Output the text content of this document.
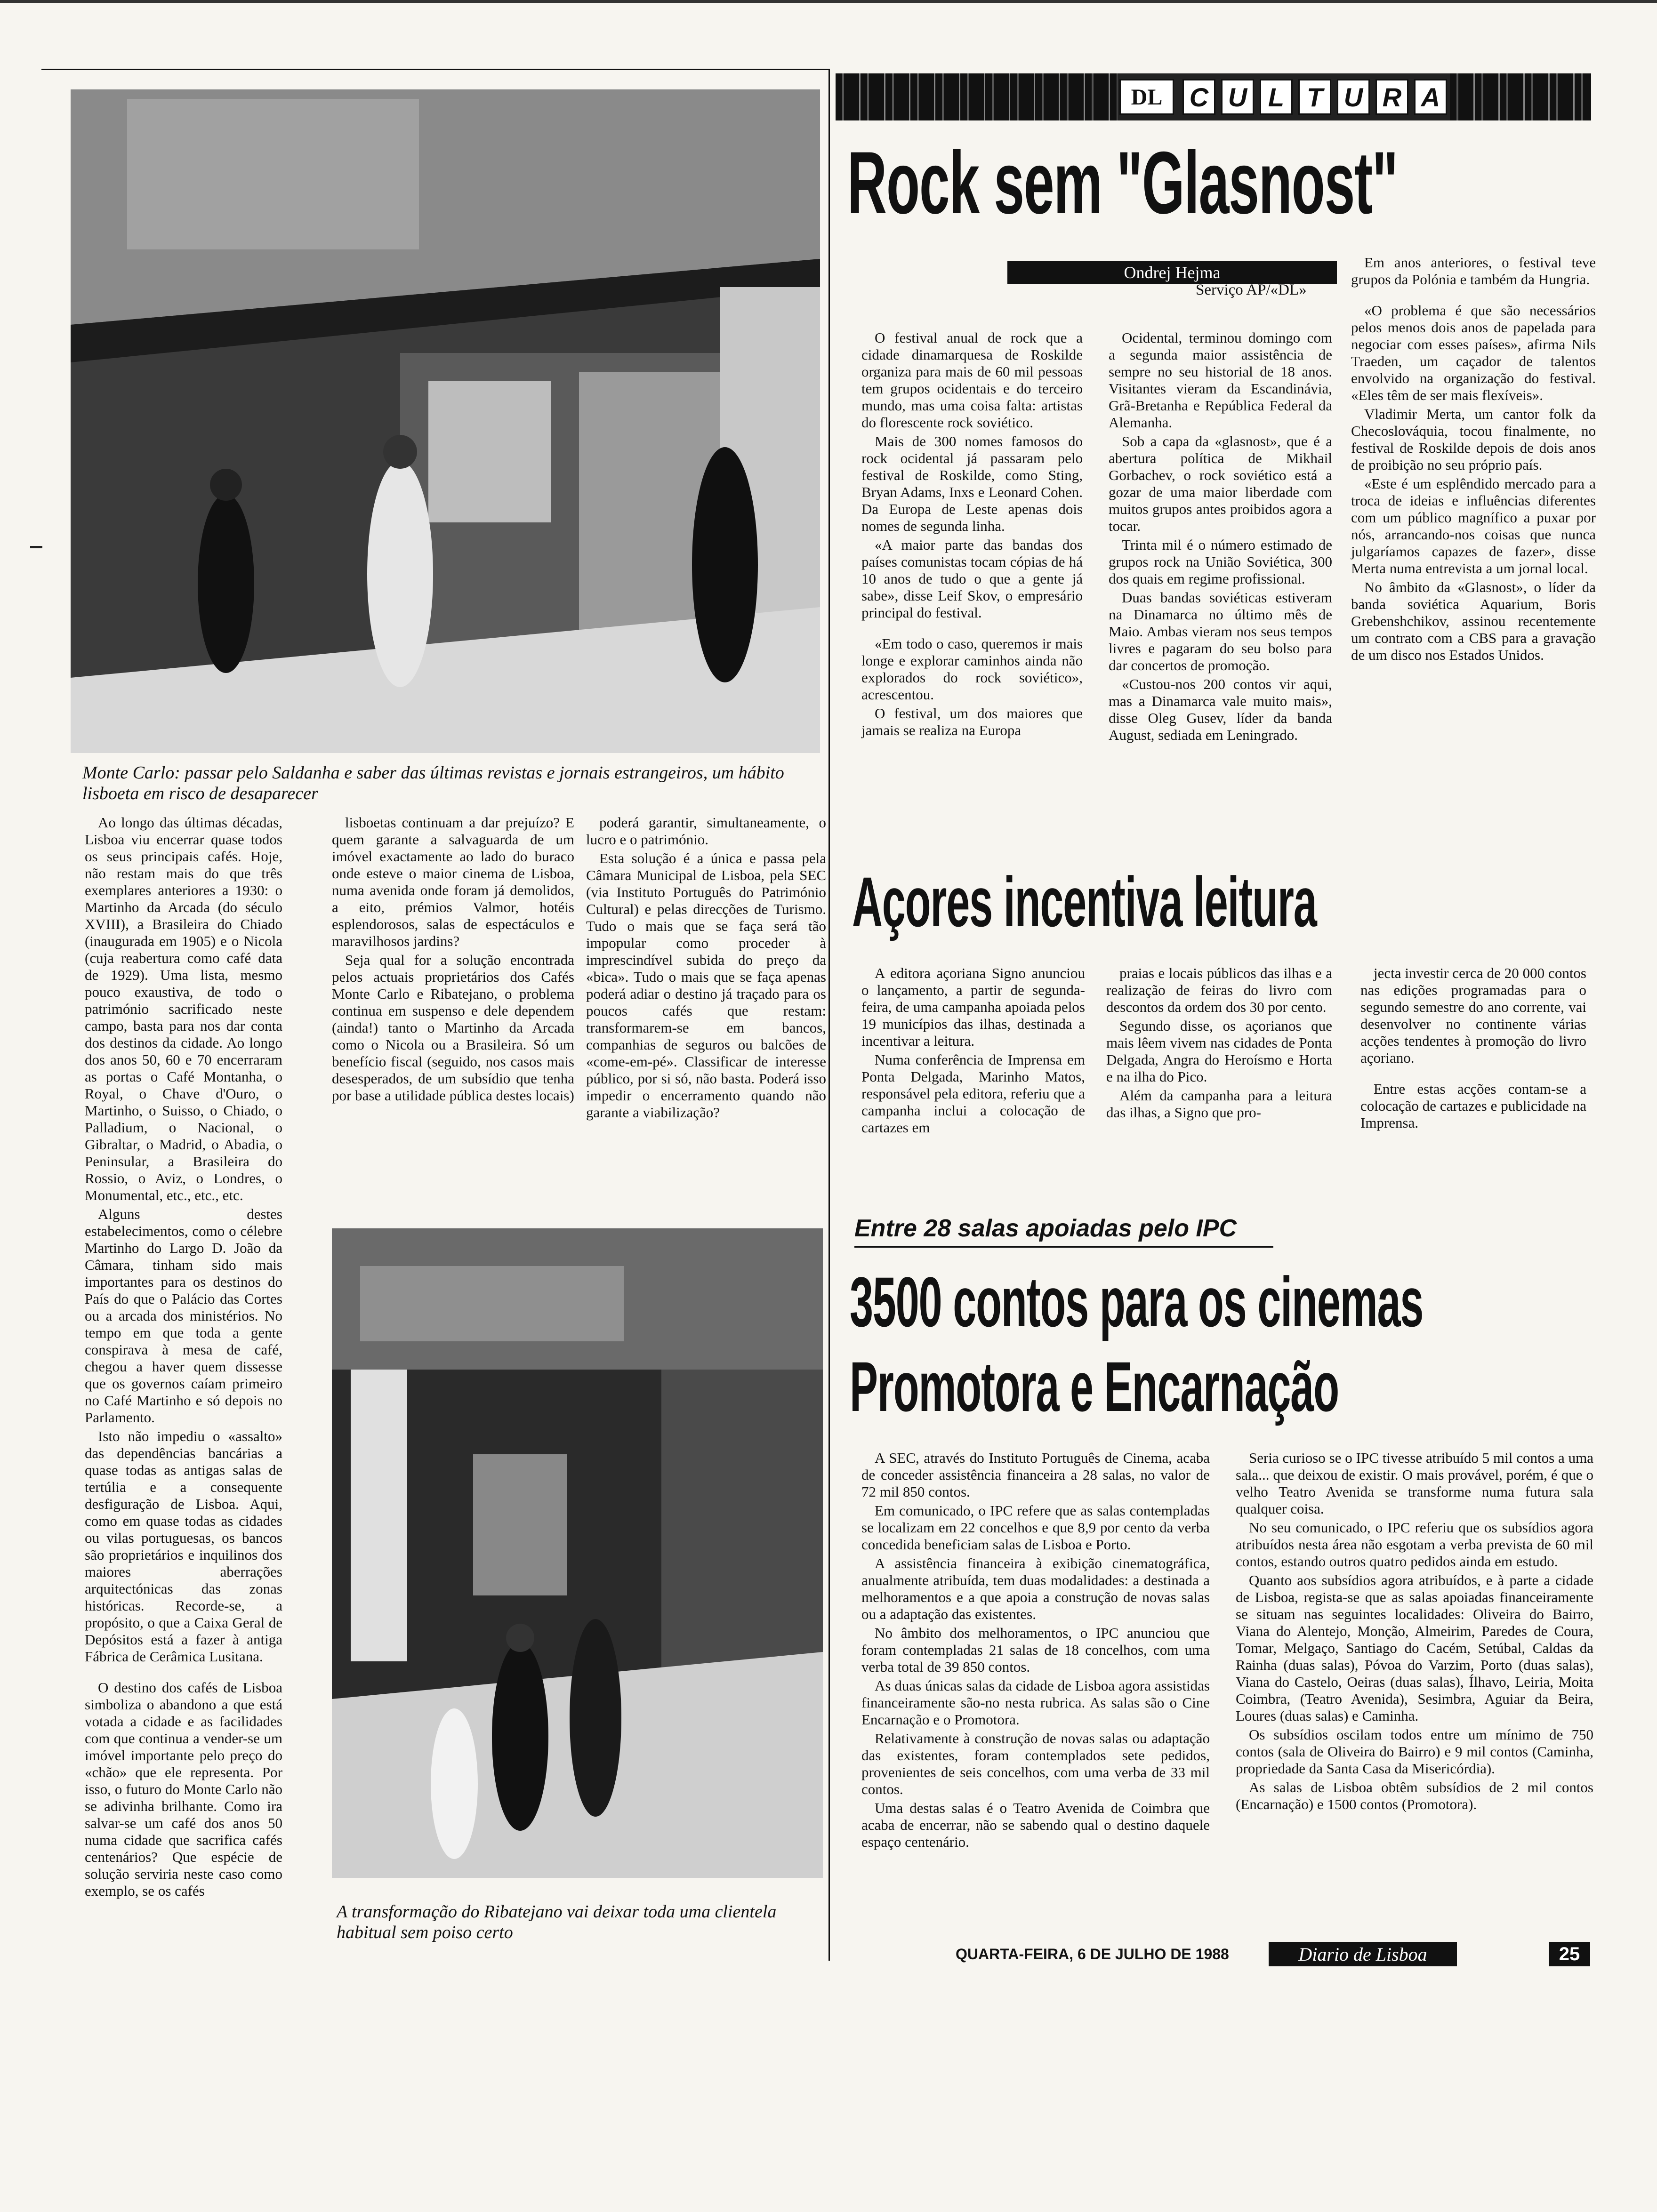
Monte Carlo: passar pelo Saldanha e saber das últimas revistas e jornais estrangeiros, um hábito lisboeta em risco de desaparecer

Ao longo das últimas décadas, Lisboa viu encerrar quase todos os seus principais cafés. Hoje, não restam mais do que três exemplares anteriores a 1930: o Martinho da Arcada (do século XVIII), a Brasileira do Chiado (inaugurada em 1905) e o Nicola (cuja reabertura como café data de 1929). Uma lista, mesmo pouco exaustiva, de todo o património sacrificado neste campo, basta para nos dar conta dos destinos da cidade. Ao longo dos anos 50, 60 e 70 encerraram as portas o Café Montanha, o Royal, o Chave d'Ouro, o Martinho, o Suisso, o Chiado, o Palladium, o Nacional, o Gibraltar, o Madrid, o Abadia, o Peninsular, a Brasileira do Rossio, o Aviz, o Londres, o Monumental, etc., etc., etc.

Alguns destes estabelecimentos, como o célebre Martinho do Largo D. João da Câmara, tinham sido mais importantes para os destinos do País do que o Palácio das Cortes ou a arcada dos ministérios. No tempo em que toda a gente conspirava à mesa de café, chegou a haver quem dissesse que os governos caíam primeiro no Café Martinho e só depois no Parlamento.

Isto não impediu o «assalto» das dependências bancárias a quase todas as antigas salas de tertúlia e a consequente desfiguração de Lisboa. Aqui, como em quase todas as cidades ou vilas portuguesas, os bancos são proprietários e inquilinos dos maiores aberrações arquitectónicas das zonas históricas. Recorde-se, a propósito, o que a Caixa Geral de Depósitos está a fazer à antiga Fábrica de Cerâmica Lusitana.

O destino dos cafés de Lisboa simboliza o abandono a que está votada a cidade e as facilidades com que continua a vender-se um imóvel importante pelo preço do «chão» que ele representa. Por isso, o futuro do Monte Carlo não se adivinha brilhante. Como ira salvar-se um café dos anos 50 numa cidade que sacrifica cafés centenários? Que espécie de solução serviria neste caso como exemplo, se os cafés

lisboetas continuam a dar prejuízo? E quem garante a salvaguarda de um imóvel exactamente ao lado do buraco onde esteve o maior cinema de Lisboa, numa avenida onde foram já demolidos, a eito, prémios Valmor, hotéis esplendorosos, salas de espectáculos e maravilhosos jardins?

Seja qual for a solução encontrada pelos actuais proprietários dos Cafés Monte Carlo e Ribatejano, o problema continua em suspenso e dele dependem (ainda!) tanto o Martinho da Arcada como o Nicola ou a Brasileira. Só um benefício fiscal (seguido, nos casos mais desesperados, de um subsídio que tenha por base a utilidade pública destes locais)

poderá garantir, simultaneamente, o lucro e o património.

Esta solução é a única e passa pela Câmara Municipal de Lisboa, pela SEC (via Instituto Português do Património Cultural) e pelas direcções de Turismo. Tudo o mais que se faça será tão impopular como proceder à imprescindível subida do preço da «bica». Tudo o mais que se faça apenas poderá adiar o destino já traçado para os poucos cafés que restam: transformarem-se em bancos, companhias de seguros ou balcões de «come-em-pé». Classificar de interesse público, por si só, não basta. Poderá isso impedir o encerramento quando não garante a viabilização?

A transformação do Ribatejano vai deixar toda uma clientela habitual sem poiso certo
DL	C U L T U R A
Rock sem "Glasnost"
Ondrej Hejma
Serviço AP/«DL»

O festival anual de rock que a cidade dinamarquesa de Roskilde organiza para mais de 60 mil pessoas tem grupos ocidentais e do terceiro mundo, mas uma coisa falta: artistas do florescente rock soviético.

Mais de 300 nomes famosos do rock ocidental já passaram pelo festival de Roskilde, como Sting, Bryan Adams, Inxs e Leonard Cohen. Da Europa de Leste apenas dois nomes de segunda linha.

«A maior parte das bandas dos países comunistas tocam cópias de há 10 anos de tudo o que a gente já sabe», disse Leif Skov, o empresário principal do festival.

«Em todo o caso, queremos ir mais longe e explorar caminhos ainda não explorados do rock soviético», acrescentou.

O festival, um dos maiores que jamais se realiza na Europa

Ocidental, terminou domingo com a segunda maior assistência de sempre no seu historial de 18 anos. Visitantes vieram da Escandinávia, Grã-Bretanha e República Federal da Alemanha.

Sob a capa da «glasnost», que é a abertura política de Mikhail Gorbachev, o rock soviético está a gozar de uma maior liberdade com muitos grupos antes proibidos agora a tocar.

Trinta mil é o número estimado de grupos rock na União Soviética, 300 dos quais em regime profissional.

Duas bandas soviéticas estiveram na Dinamarca no último mês de Maio. Ambas vieram nos seus tempos livres e pagaram do seu bolso para dar concertos de promoção.

«Custou-nos 200 contos vir aqui, mas a Dinamarca vale muito mais», disse Oleg Gusev, líder da banda August, sediada em Leningrado.

Em anos anteriores, o festival teve grupos da Polónia e também da Hungria.

«O problema é que são necessários pelos menos dois anos de papelada para negociar com esses países», afirma Nils Traeden, um caçador de talentos envolvido na organização do festival. «Eles têm de ser mais flexíveis».

Vladimir Merta, um cantor folk da Checoslováquia, tocou finalmente, no festival de Roskilde depois de dois anos de proibição no seu próprio país.

«Este é um esplêndido mercado para a troca de ideias e influências diferentes com um público magnífico a puxar por nós, arrancando-nos coisas que nunca julgaríamos capazes de fazer», disse Merta numa entrevista a um jornal local.

No âmbito da «Glasnost», o líder da banda soviética Aquarium, Boris Grebenshchikov, assinou recentemente um contrato com a CBS para a gravação de um disco nos Estados Unidos.

Açores incentiva leitura

A editora açoriana Signo anunciou o lançamento, a partir de segunda-feira, de uma campanha apoiada pelos 19 municípios das ilhas, destinada a incentivar a leitura.

Numa conferência de Imprensa em Ponta Delgada, Marinho Matos, responsável pela editora, referiu que a campanha inclui a colocação de cartazes em

praias e locais públicos das ilhas e a realização de feiras do livro com descontos da ordem dos 30 por cento.

Segundo disse, os açorianos que mais lêem vivem nas cidades de Ponta Delgada, Angra do Heroísmo e Horta e na ilha do Pico.

Além da campanha para a leitura das ilhas, a Signo que pro-

jecta investir cerca de 20 000 contos nas edições programadas para o segundo semestre do ano corrente, vai desenvolver no continente várias acções tendentes à promoção do livro açoriano.

Entre estas acções contam-se a colocação de cartazes e publicidade na Imprensa.

Entre 28 salas apoiadas pelo IPC
3500 contos para os cinemas
Promotora e Encarnação

A SEC, através do Instituto Português de Cinema, acaba de conceder assistência financeira a 28 salas, no valor de 72 mil 850 contos.

Em comunicado, o IPC refere que as salas contempladas se localizam em 22 concelhos e que 8,9 por cento da verba concedida beneficiam salas de Lisboa e Porto.

A assistência financeira à exibição cinematográfica, anualmente atribuída, tem duas modalidades: a destinada a melhoramentos e a que apoia a construção de novas salas ou a adaptação das existentes.

No âmbito dos melhoramentos, o IPC anunciou que foram contempladas 21 salas de 18 concelhos, com uma verba total de 39 850 contos.

As duas únicas salas da cidade de Lisboa agora assistidas financeiramente são-no nesta rubrica. As salas são o Cine Encarnação e o Promotora.

Relativamente à construção de novas salas ou adaptação das existentes, foram contemplados sete pedidos, provenientes de seis concelhos, com uma verba de 33 mil contos.

Uma destas salas é o Teatro Avenida de Coimbra que acaba de encerrar, não se sabendo qual o destino daquele espaço centenário.

Seria curioso se o IPC tivesse atribuído 5 mil contos a uma sala... que deixou de existir. O mais provável, porém, é que o velho Teatro Avenida se transforme numa futura sala qualquer coisa.

No seu comunicado, o IPC referiu que os subsídios agora atribuídos nesta área não esgotam a verba prevista de 60 mil contos, estando outros quatro pedidos ainda em estudo.

Quanto aos subsídios agora atribuídos, e à parte a cidade de Lisboa, regista-se que as salas apoiadas financeiramente se situam nas seguintes localidades: Oliveira do Bairro, Viana do Alentejo, Monção, Almeirim, Paredes de Coura, Tomar, Melgaço, Santiago do Cacém, Setúbal, Caldas da Rainha (duas salas), Póvoa do Varzim, Porto (duas salas), Viana do Castelo, Oeiras (duas salas), Ílhavo, Leiria, Moita Coimbra, (Teatro Avenida), Sesimbra, Aguiar da Beira, Loures (duas salas) e Caminha.

Os subsídios oscilam todos entre um mínimo de 750 contos (sala de Oliveira do Bairro) e 9 mil contos (Caminha, propriedade da Santa Casa da Misericórdia).

As salas de Lisboa obtêm subsídios de 2 mil contos (Encarnação) e 1500 contos (Promotora).

QUARTA-FEIRA, 6 DE JULHO DE 1988	Diario de Lisboa	25
